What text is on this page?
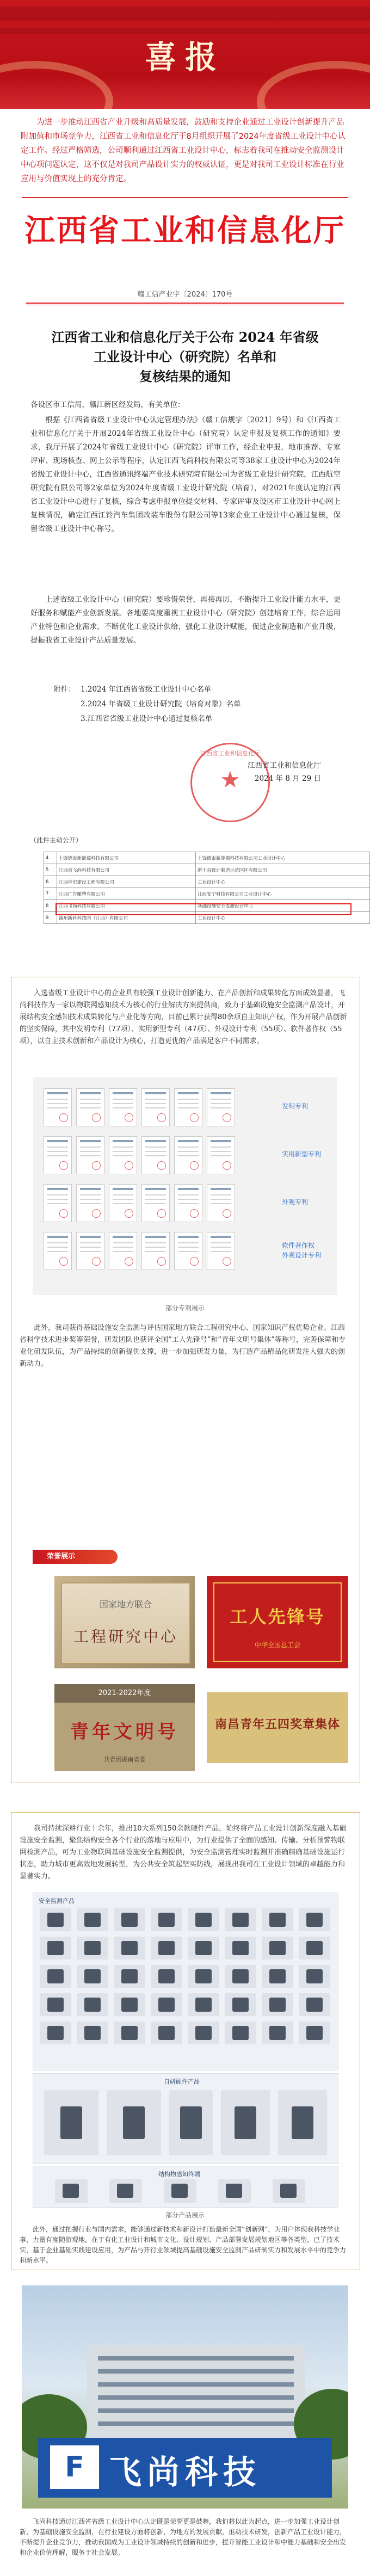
喜报
为进一步推动江西省产业升级和高质量发展，鼓励和支持企业通过工业设计创新提升产品附加值和市场竞争力，江西省工业和信息化厅于8月组织开展了2024年度省级工业设计中心认定工作。经过严格筛选，公司顺利通过江西省工业设计中心，标志着我司在推动安全监测设计中心项问题认定，这不仅是对我司产品设计实力的权威认证，更是对我司工业设计标准在行业应用与价值实现上的充分肯定。
江西省工业和信息化厅
赣工信产业字〔2024〕170号
江西省工业和信息化厅关于公布 2024 年省级
工业设计中心（研究院）名单和
复核结果的通知
各设区市工信局，赣江新区经发局，有关单位：
根据《江西省省级工业设计中心认定管理办法》（赣工信规字〔2021〕9号）和《江西省工业和信息化厅关于开展2024年省级工业设计中心（研究院）认定申报及复核工作的通知》要求，我厅开展了2024年省级工业设计中心（研究院）评审工作，经企业申报，地市推荐、专家评审、现场核查、网上公示等程序，认定江西飞尚科技有限公司等38家工业设计中心为2024年省级工业设计中心，江西省通讯终端产业技术研究院有限公司为省级工业设计研究院，江西航空研究院有限公司等2家单位为2024年度省级工业设计研究院（培育），对2021年度认定的江西省工业设计中心进行了复核，综合考虑申报单位提交材料、专家评审及设区市工业设计中心网上复核情况，确定江西江铃汽车集团改装车股份有限公司等13家企业工业设计中心通过复核，保留省级工业设计中心称号。
上述省级工业设计中心（研究院）要珍惜荣誉，再接再厉，不断提升工业设计能力水平，更好服务和赋能产业创新发展。各地要高度重视工业设计中心（研究院）创建培育工作，综合运用产业特色和企业需求，不断优化工业设计供给，强化工业设计赋能，促进企业制造和产业升级，提振我省工业设计产品质量发展。
附件： 1.2024 年江西省省级工业设计中心名单
2.2024 年省级工业设计研究院（培育对象）名单
3.江西省省级工业设计中心通过复核名单
江西省工业和信息化厅
★
江西省工业和信息化厅
2024 年 8 月 29 日
（此件主动公开）
4	上饶德泰新能源科技有限公司	上饶德泰新能源科技有限公司工业设计中心
5	江西省飞尚科技有限公司	新干县设计制造示范园区有限公司
6	江西中宏建设工程有限公司	工业设计中心
7	江西广告雕塑有限公司	江西安宁科技有限公司工业设计中心
8	江西飞尚科技有限公司	基础设施安全监测设计中心
9	赣州新科科技园（江西）有限公司	工业设计中心
入选省级工业设计中心的企业具有较强工业设计创新能力、在产品创新和成果转化方面成效显著，飞尚科技作为一家以物联网感知技术为核心的行业解决方案提供商，致力于基础设施安全监测产品设计，开展结构安全感知技术成果转化与产业化等方向，目前已累计获得80余项自主知识产权，作为开展产品创新的坚实保障，其中发明专利（77项）、实用新型专利（47项）、外观设计专利（55项）、软件著作权（55项），以自主技术创新和产品设计为核心，打造更优的产品满足客户不同需求。
发明专利
实用新型专利
外观专利
软件著作权
外观设计专利
部分专利展示
此外，我司获得基础设施安全监测与评估国家地方联合工程研究中心、国家知识产权优势企业、江西省科学技术进步奖等荣誉，研发团队也获评全国“工人先锋号”和“青年文明号集体”等称号，完善保障和专业化研发队伍，为产品持续的创新提供支撑，进一步加强研发力量，为打造产品精品化研发注入强大的创新动力。
荣誉展示
国家地方联合
工程研究中心
工人先锋号
中华全国总工会
2021-2022年度
青年文明号
共青团湖南省委
南昌青年五四奖章集体
我司持续深耕行业十余年，推出10大系列150余款硬件产品，始终将产品工业设计创新深度融入基础设施安全监测，聚焦结构安全各个行业的落地与应用中，为行业提供了全面的感知、传输、分析预警物联网检测产品，可为工业物联网基础设施安全监测提供，为安全监测管理实时监测并准确精确基础设施运行状态，助力城市更高效地发展转型，为公共安全筑起坚实防线，展现出我司在工业设计领域的卓越能力和显著实力。
安全监测产品
自研硬件产品
结构物感知终端
部分产品展示
此外，通过把握行业与国内需求，能够通过新技术和新设计打造最新全国“创新网”，为用户体现我科技学业事，力量有度随游观地，在于有化工业设计和城市文化、设计规划、产品部署发展规划地区等各类型，已了技术实，基于企业基础实践建设应用，为产品与开行业领域提高基础设施安全监测产品研制实力和发展水平中的竞争力和新水平。
F 飞尚科技
飞尚科技通过江西省省级工业设计中心认定既是荣誉更是鼓舞，我们将以此为起点，进一步加强工业设计创新，为基础设施安全监测，在行业建设方面将创新，为地方的发展贡献，推动技术研发，创新产品工业设计能力，不断提升企业竞争力，推动我国成为工业设计领域持续的创新和进步，提升智能工业设计和中能力基础和安全出发和企业价值理解，服务于社会发展。
